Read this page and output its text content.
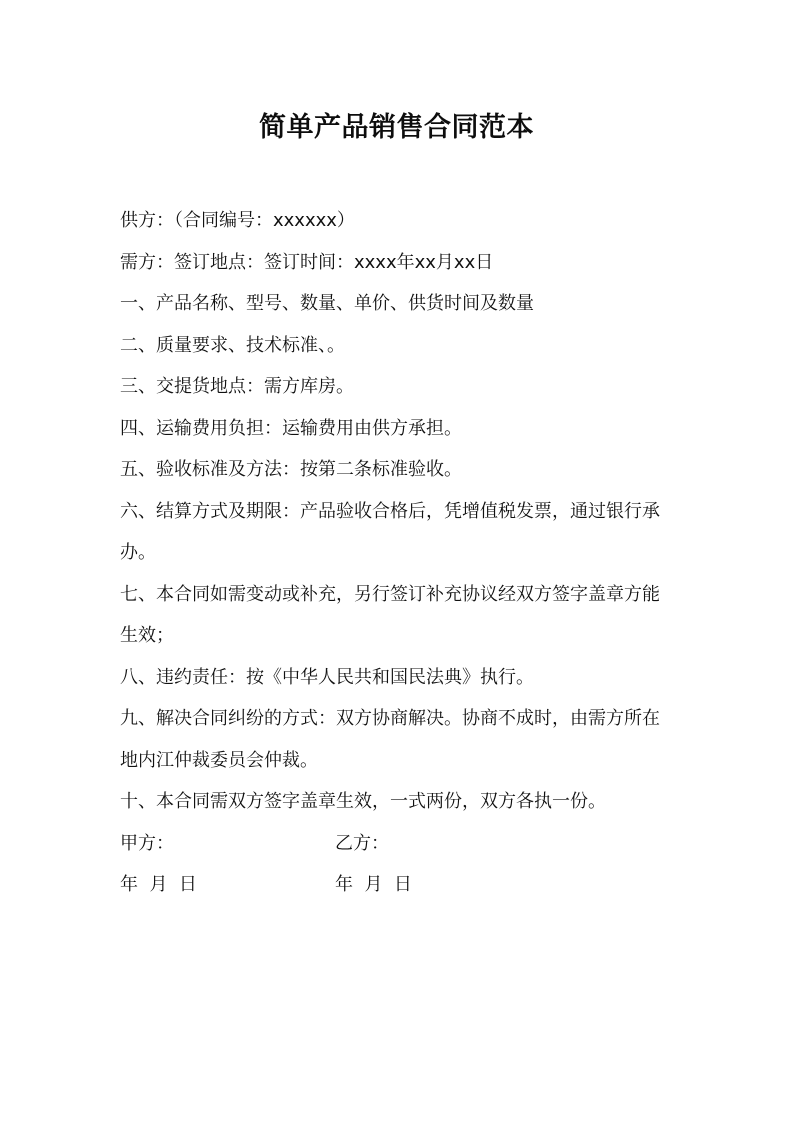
简单产品销售合同范本
供方：（合同编号：xxxxxx）
需方：签订地点：签订时间：xxxx年xx月xx日
一、产品名称、型号、数量、单价、供货时间及数量
二、质量要求、技术标准、。
三、交提货地点：需方库房。
四、运输费用负担：运输费用由供方承担。
五、验收标准及方法：按第二条标准验收。
六、结算方式及期限：产品验收合格后，凭增值税发票，通过银行承
办。
七、本合同如需变动或补充，另行签订补充协议经双方签字盖章方能
生效；
八、违约责任：按《中华人民共和国民法典》执行。
九、解决合同纠纷的方式：双方协商解决。协商不成时，由需方所在
地内江仲裁委员会仲裁。
十、本合同需双方签字盖章生效，一式两份，双方各执一份。
甲方：	乙方：
年  月  日	年  月  日
